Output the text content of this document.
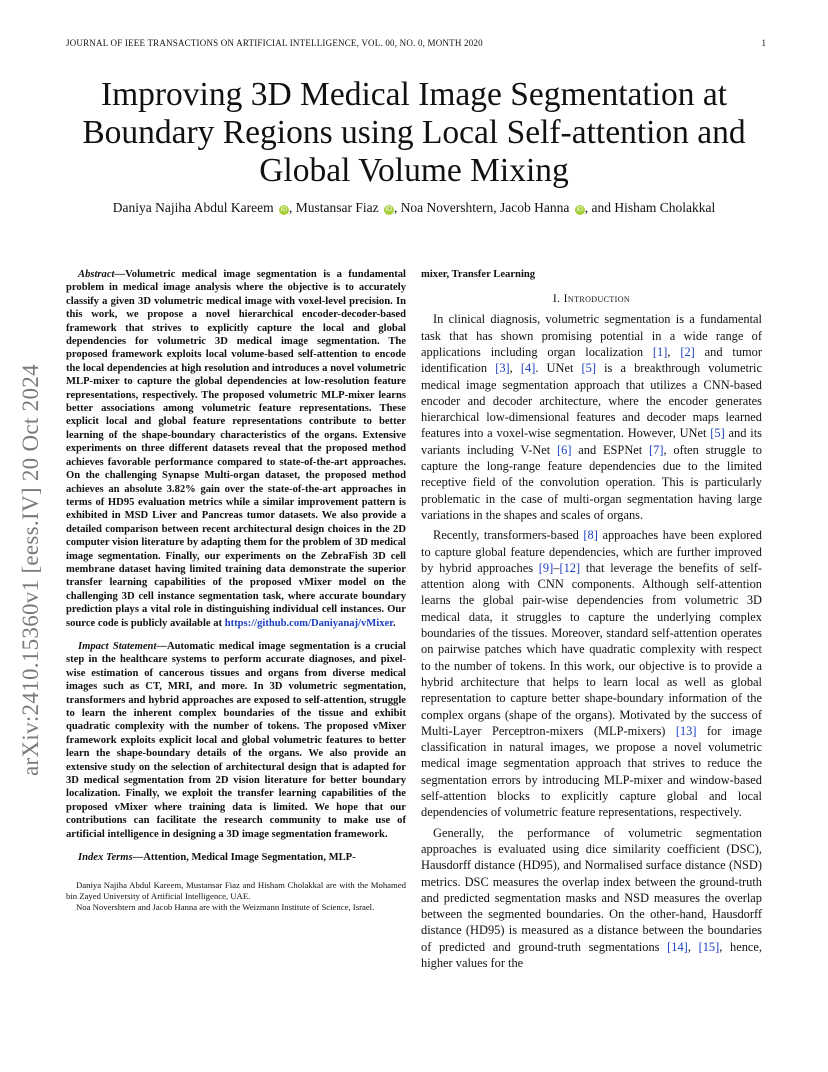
JOURNAL OF IEEE TRANSACTIONS ON ARTIFICIAL INTELLIGENCE, VOL. 00, NO. 0, MONTH 2020	1
arXiv:2410.15360v1 [eess.IV] 20 Oct 2024
Improving 3D Medical Image Segmentation at
Boundary Regions using Local Self-attention and
Global Volume Mixing
Daniya Najiha Abdul Kareem iD , Mustansar Fiaz iD , Noa Novershtern, Jacob Hanna iD , and Hisham Cholakkal

Abstract—Volumetric medical image segmentation is a fundamental problem in medical image analysis where the objective is to accurately classify a given 3D volumetric medical image with voxel-level precision. In this work, we propose a novel hierarchical encoder-decoder-based framework that strives to explicitly capture the local and global dependencies for volumetric 3D medical image segmentation. The proposed framework exploits local volume-based self-attention to encode the local dependencies at high resolution and introduces a novel volumetric MLP-mixer to capture the global dependencies at low-resolution feature representations, respectively. The proposed volumetric MLP-mixer learns better associations among volumetric feature representations. These explicit local and global feature representations contribute to better learning of the shape-boundary characteristics of the organs. Extensive experiments on three different datasets reveal that the proposed method achieves favorable performance compared to state-of-the-art approaches. On the challenging Synapse Multi-organ dataset, the proposed method achieves an absolute 3.82% gain over the state-of-the-art approaches in terms of HD95 evaluation metrics while a similar improvement pattern is exhibited in MSD Liver and Pancreas tumor datasets. We also provide a detailed comparison between recent architectural design choices in the 2D computer vision literature by adapting them for the problem of 3D medical image segmentation. Finally, our experiments on the ZebraFish 3D cell membrane dataset having limited training data demonstrate the superior transfer learning capabilities of the proposed vMixer model on the challenging 3D cell instance segmentation task, where accurate boundary prediction plays a vital role in distinguishing individual cell instances. Our source code is publicly available at https://github.com/Daniyanaj/vMixer.

Impact Statement—Automatic medical image segmentation is a crucial step in the healthcare systems to perform accurate diagnoses, and pixel-wise estimation of cancerous tissues and organs from diverse medical images such as CT, MRI, and more. In 3D volumetric segmentation, transformers and hybrid approaches are exposed to self-attention, struggle to learn the inherent complex boundaries of the tissue and exhibit quadratic complexity with the number of tokens. The proposed vMixer framework exploits explicit local and global volumetric features to better learn the shape-boundary details of the organs. We also provide an extensive study on the selection of architectural design that is adapted for 3D medical segmentation from 2D vision literature for better boundary localization. Finally, we exploit the transfer learning capabilities of the proposed vMixer where training data is limited. We hope that our contributions can facilitate the research community to make use of artificial intelligence in designing a 3D image segmentation framework.

Index Terms—Attention, Medical Image Segmentation, MLP-

Daniya Najiha Abdul Kareem, Mustansar Fiaz and Hisham Cholakkal are with the Mohamed bin Zayed University of Artificial Intelligence, UAE.

Noa Novershtern and Jacob Hanna are with the Weizmann Institute of Science, Israel.

mixer, Transfer Learning
I. Introduction

In clinical diagnosis, volumetric segmentation is a fundamental task that has shown promising potential in a wide range of applications including organ localization [1], [2] and tumor identification [3], [4]. UNet [5] is a breakthrough volumetric medical image segmentation approach that utilizes a CNN-based encoder and decoder architecture, where the encoder generates hierarchical low-dimensional features and decoder maps learned features into a voxel-wise segmentation. However, UNet [5] and its variants including V-Net [6] and ESPNet [7], often struggle to capture the long-range feature dependencies due to the limited receptive field of the convolution operation. This is particularly problematic in the case of multi-organ segmentation having large variations in the shapes and scales of organs.

Recently, transformers-based [8] approaches have been explored to capture global feature dependencies, which are further improved by hybrid approaches [9]–[12] that leverage the benefits of self-attention along with CNN components. Although self-attention learns the global pair-wise dependencies from volumetric 3D medical data, it struggles to capture the underlying complex boundaries of the tissues. Moreover, standard self-attention operates on pairwise patches which have quadratic complexity with respect to the number of tokens. In this work, our objective is to provide a hybrid architecture that helps to learn local as well as global representation to capture better shape-boundary information of the complex organs (shape of the organs). Motivated by the success of Multi-Layer Perceptron-mixers (MLP-mixers) [13] for image classification in natural images, we propose a novel volumetric medical image segmentation approach that strives to reduce the segmentation errors by introducing MLP-mixer and window-based self-attention blocks to explicitly capture global and local dependencies of volumetric feature representations, respectively.

Generally, the performance of volumetric segmentation approaches is evaluated using dice similarity coefficient (DSC), Hausdorff distance (HD95), and Normalised surface distance (NSD) metrics. DSC measures the overlap index between the ground-truth and predicted segmentation masks and NSD measures the overlap between the segmented boundaries. On the other-hand, Hausdorff distance (HD95) is measured as a distance between the boundaries of predicted and ground-truth segmentations [14], [15], hence, higher values for the
